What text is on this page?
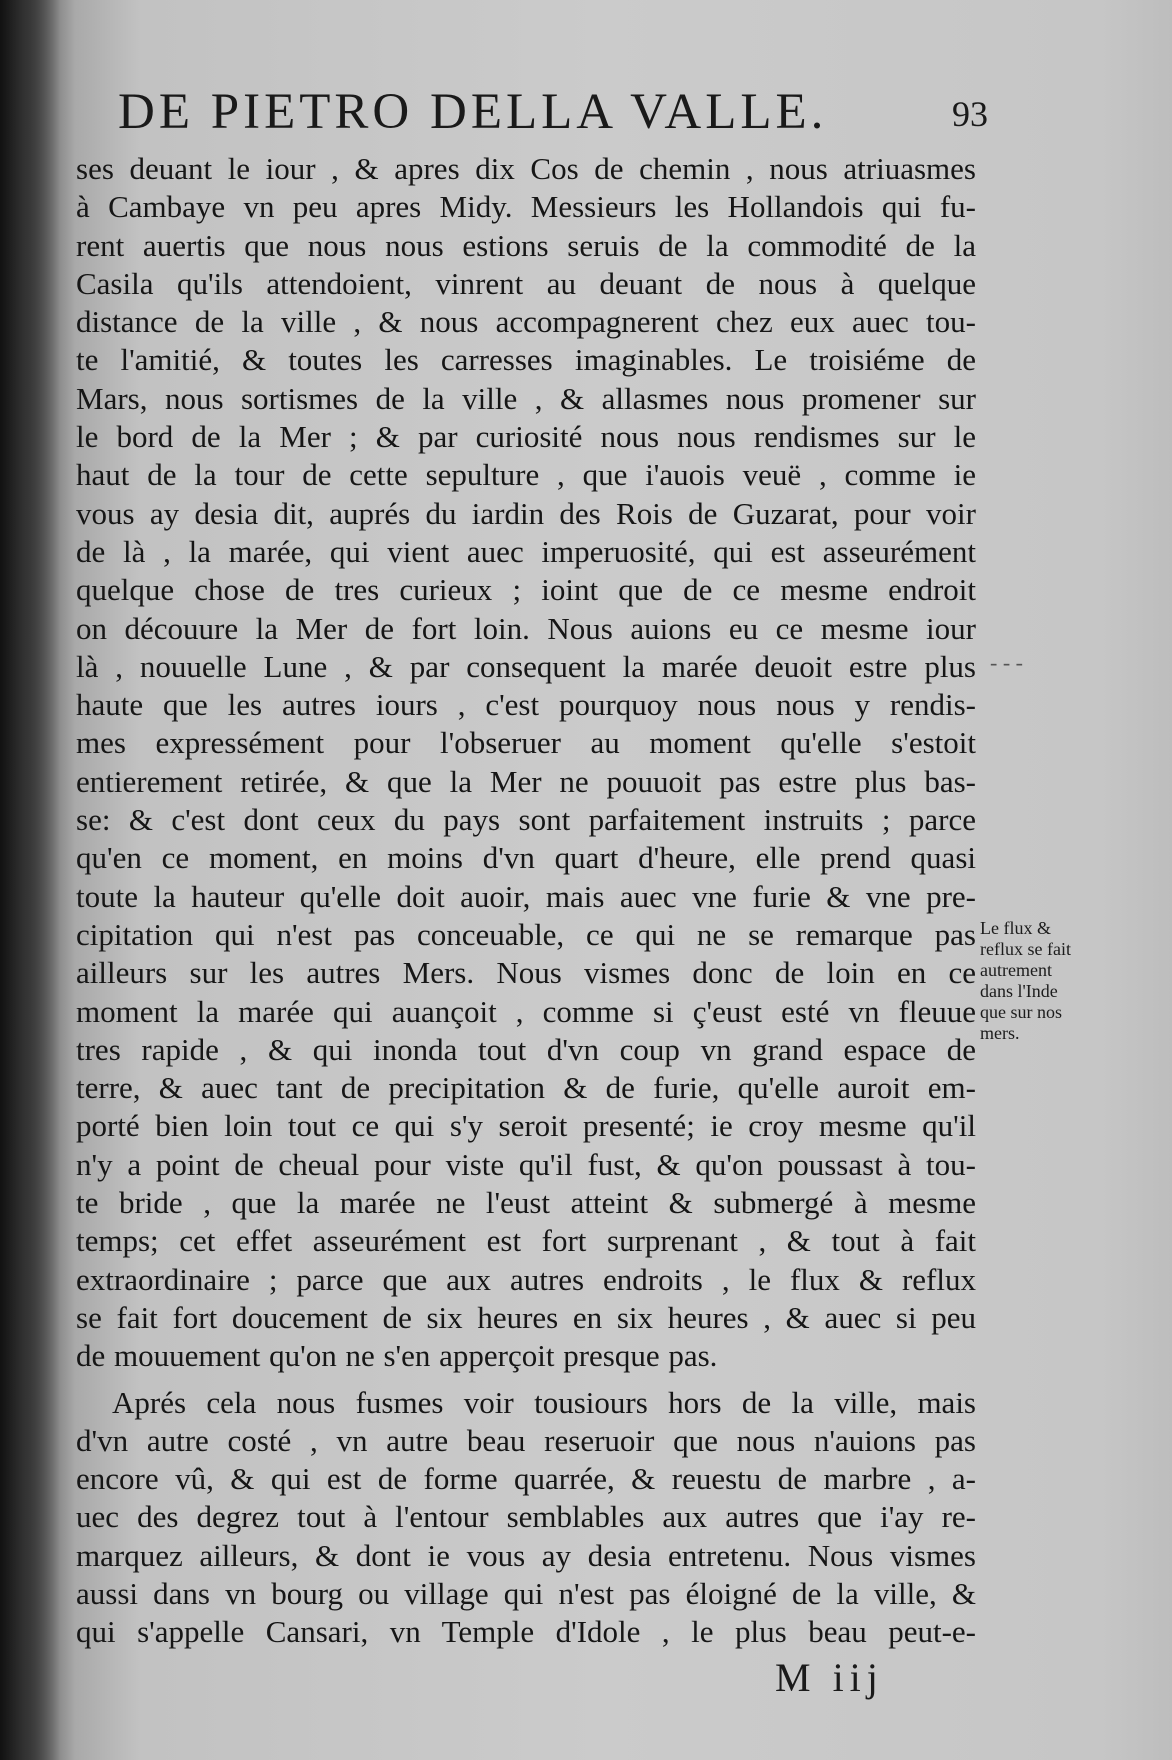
DE PIETRO DELLA VALLE.	93
ses deuant le iour , & apres dix Cos de chemin , nous atriuasmes
à Cambaye vn peu apres Midy. Messieurs les Hollandois qui fu-
rent auertis que nous nous estions seruis de la commodité de la
Casila qu'ils attendoient, vinrent au deuant de nous à quelque
distance de la ville , & nous accompagnerent chez eux auec tou-
te l'amitié, & toutes les carresses imaginables. Le troisiéme de
Mars, nous sortismes de la ville , & allasmes nous promener sur
le bord de la Mer ; & par curiosité nous nous rendismes sur le
haut de la tour de cette sepulture , que i'auois veuë , comme ie
vous ay desia dit, auprés du iardin des Rois de Guzarat, pour voir
de là , la marée, qui vient auec imperuosité, qui est asseurément
quelque chose de tres curieux ; ioint que de ce mesme endroit
on découure la Mer de fort loin. Nous auions eu ce mesme iour
là , nouuelle Lune , & par consequent la marée deuoit estre plus
haute que les autres iours , c'est pourquoy nous nous y rendis-
mes expressément pour l'obseruer au moment qu'elle s'estoit
entierement retirée, & que la Mer ne pouuoit pas estre plus bas-
se: & c'est dont ceux du pays sont parfaitement instruits ; parce
qu'en ce moment, en moins d'vn quart d'heure, elle prend quasi
toute la hauteur qu'elle doit auoir, mais auec vne furie & vne pre-
cipitation qui n'est pas conceuable, ce qui ne se remarque pas
ailleurs sur les autres Mers. Nous vismes donc de loin en ce
moment la marée qui auançoit , comme si ç'eust esté vn fleuue
tres rapide , & qui inonda tout d'vn coup vn grand espace de
terre, & auec tant de precipitation & de furie, qu'elle auroit em-
porté bien loin tout ce qui s'y seroit presenté; ie croy mesme qu'il
n'y a point de cheual pour viste qu'il fust, & qu'on poussast à tou-
te bride , que la marée ne l'eust atteint & submergé à mesme
temps; cet effet asseurément est fort surprenant , & tout à fait
extraordinaire ; parce que aux autres endroits , le flux & reflux
se fait fort doucement de six heures en six heures , & auec si peu
de mouuement qu'on ne s'en apperçoit presque pas.
Aprés cela nous fusmes voir tousiours hors de la ville, mais
d'vn autre costé , vn autre beau reseruoir que nous n'auions pas
encore vû, & qui est de forme quarrée, & reuestu de marbre , a-
uec des degrez tout à l'entour semblables aux autres que i'ay re-
marquez ailleurs, & dont ie vous ay desia entretenu. Nous vismes
aussi dans vn bourg ou village qui n'est pas éloigné de la ville, &
qui s'appelle Cansari, vn Temple d'Idole , le plus beau peut-e-
- - -
Le flux &
reflux se fait
autrement
dans l'Inde
que sur nos
mers.
M iij
